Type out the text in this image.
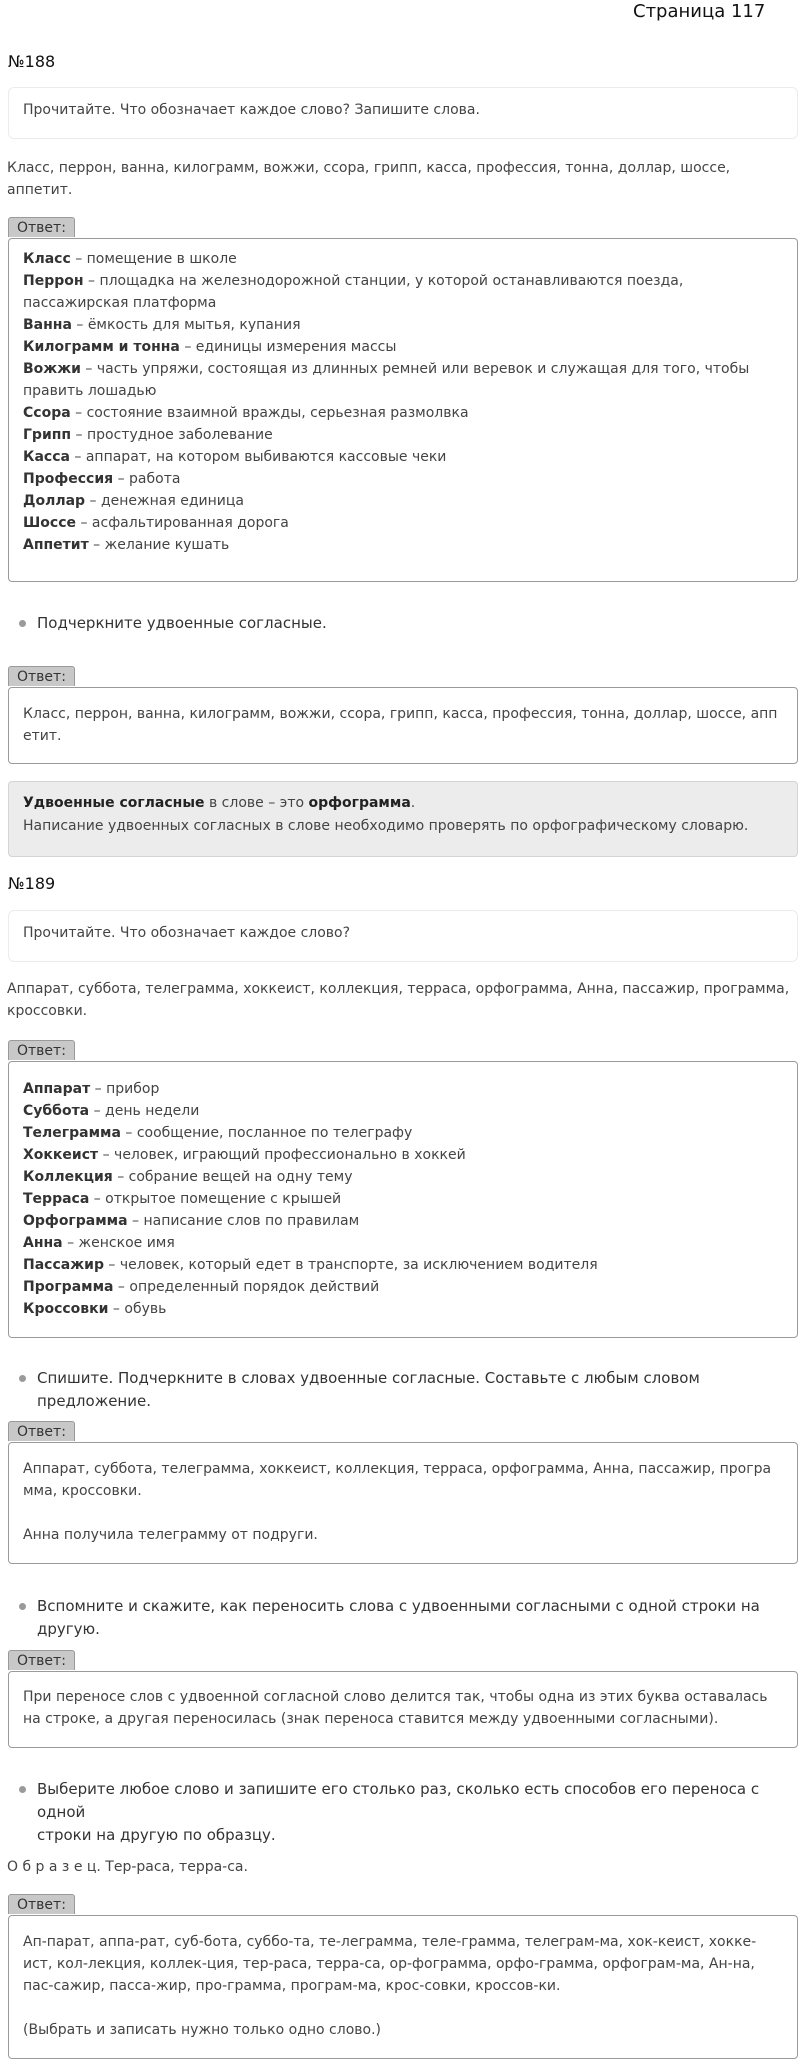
Страница 117
№188
Прочитайте. Что обозначает каждое слово? Запишите слова.
Класс, перрон, ванна, килограмм, вожжи, ссора, грипп, касса, профессия, тонна, доллар, шоссе,
аппетит.
Ответ:
Класс – помещение в школе
Перрон – площадка на железнодорожной станции, у которой останавливаются поезда,
пассажирская платформа
Ванна – ёмкость для мытья, купания
Килограмм и тонна – единицы измерения массы
Вожжи – часть упряжи, состоящая из длинных ремней или веревок и служащая для того, чтобы
править лошадью
Ссора – состояние взаимной вражды, серьезная размолвка
Грипп – простудное заболевание
Касса – аппарат, на котором выбиваются кассовые чеки
Профессия – работа
Доллар – денежная единица
Шоссе – асфальтированная дорога
Аппетит – желание кушать
Подчеркните удвоенные согласные.
Ответ:
Класс, перрон, ванна, килограмм, вожжи, ссора, грипп, касса, профессия, тонна, доллар, шоссе, апп
етит.
Удвоенные согласные в слове – это орфограмма.
Написание удвоенных согласных в слове необходимо проверять по орфографическому словарю.
№189
Прочитайте. Что обозначает каждое слово?
Аппарат, суббота, телеграмма, хоккеист, коллекция, терраса, орфограмма, Анна, пассажир, программа,
кроссовки.
Ответ:
Аппарат – прибор
Суббота – день недели
Телеграмма – сообщение, посланное по телеграфу
Хоккеист – человек, играющий профессионально в хоккей
Коллекция – собрание вещей на одну тему
Терраса – открытое помещение с крышей
Орфограмма – написание слов по правилам
Анна – женское имя
Пассажир – человек, который едет в транспорте, за исключением водителя
Программа – определенный порядок действий
Кроссовки – обувь
Спишите. Подчеркните в словах удвоенные согласные. Составьте с любым словом предложение.
Ответ:
Аппарат, суббота, телеграмма, хоккеист, коллекция, терраса, орфограмма, Анна, пассажир, програ
мма, кроссовки.
Анна получила телеграмму от подруги.
Вспомните и скажите, как переносить слова с удвоенными согласными с одной строки на другую.
Ответ:
При переносе слов с удвоенной согласной слово делится так, чтобы одна из этих буква оставалась
на строке, а другая переносилась (знак переноса ставится между удвоенными согласными).
Выберите любое слово и запишите его столько раз, сколько есть способов его переноса с одной
строки на другую по образцу.
О б р а з е ц. Тер-раса, терра-са.
Ответ:
Ап-парат, аппа-рат, суб-бота, суббо-та, те-леграмма, теле-грамма, телеграм-ма, хок-кеист, хокке-
ист, кол-лекция, коллек-ция, тер-раса, терра-са, ор-фограмма, орфо-грамма, орфограм-ма, Ан-на,
пас-сажир, пасса-жир, про-грамма, програм-ма, крос-совки, кроссов-ки.
(Выбрать и записать нужно только одно слово.)
